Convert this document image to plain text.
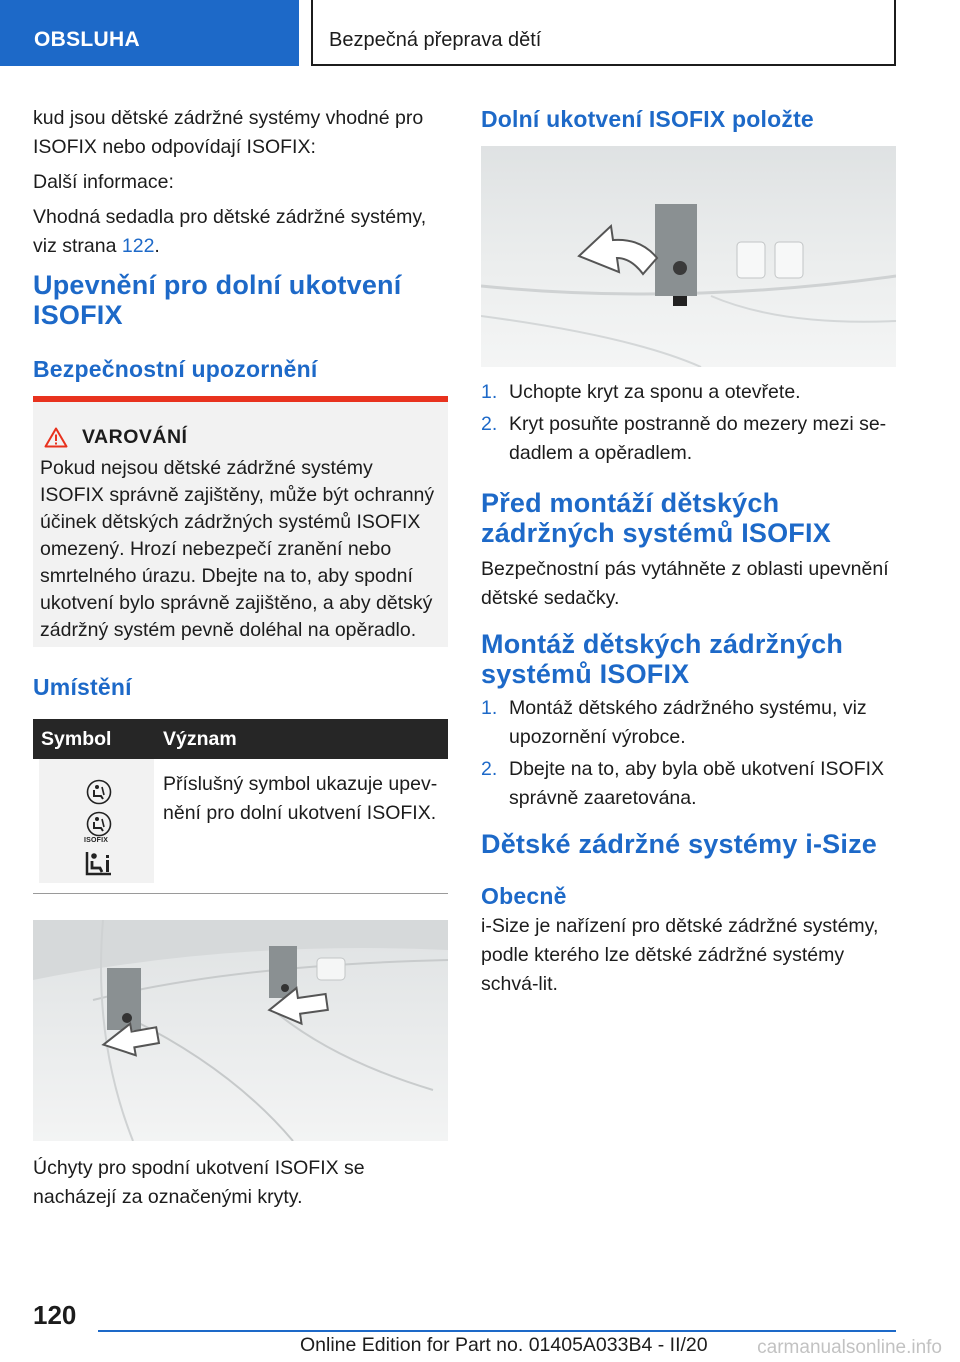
OBSLUHA	Bezpečná přeprava dětí

kud jsou dětské zádržné systémy vhodné pro ISOFIX nebo odpovídají ISOFIX:

Další informace:

Vhodná sedadla pro dětské zádržné systémy, viz strana 122.

Upevnění pro dolní ukotvení ISOFIX
Bezpečnostní upozornění
VAROVÁNÍ
Pokud nejsou dětské zádržné systémy ISOFIX správně zajištěny, může být ochranný účinek dětských zádržných systémů ISOFIX omezený. Hrozí nebezpečí zranění nebo smrtelného úrazu. Dbejte na to, aby spodní ukotvení bylo správně zajištěno, a aby dětský zádržný systém pevně doléhal na opěradlo.
Umístění
Symbol	Význam
ISOFIX
Příslušný symbol ukazuje upev-nění pro dolní ukotvení ISOFIX.
Úchyty pro spodní ukotvení ISOFIX se nacházejí za označenými kryty.
Dolní ukotvení ISOFIX položte
1. Uchopte kryt za sponu a otevřete.
2. Kryt posuňte postranně do mezery mezi se-dadlem a opěradlem.
Před montáží dětských zádržných systémů ISOFIX
Bezpečnostní pás vytáhněte z oblasti upevnění dětské sedačky.
Montáž dětských zádržných systémů ISOFIX
1. Montáž dětského zádržného systému, viz upozornění výrobce.
2. Dbejte na to, aby byla obě ukotvení ISOFIX správně zaaretována.
Dětské zádržné systémy i-Size
Obecně
i-Size je nařízení pro dětské zádržné systémy, podle kterého lze dětské zádržné systémy schvá-lit.
120
Online Edition for Part no. 01405A033B4 - II/20	carmanualsonline.info
